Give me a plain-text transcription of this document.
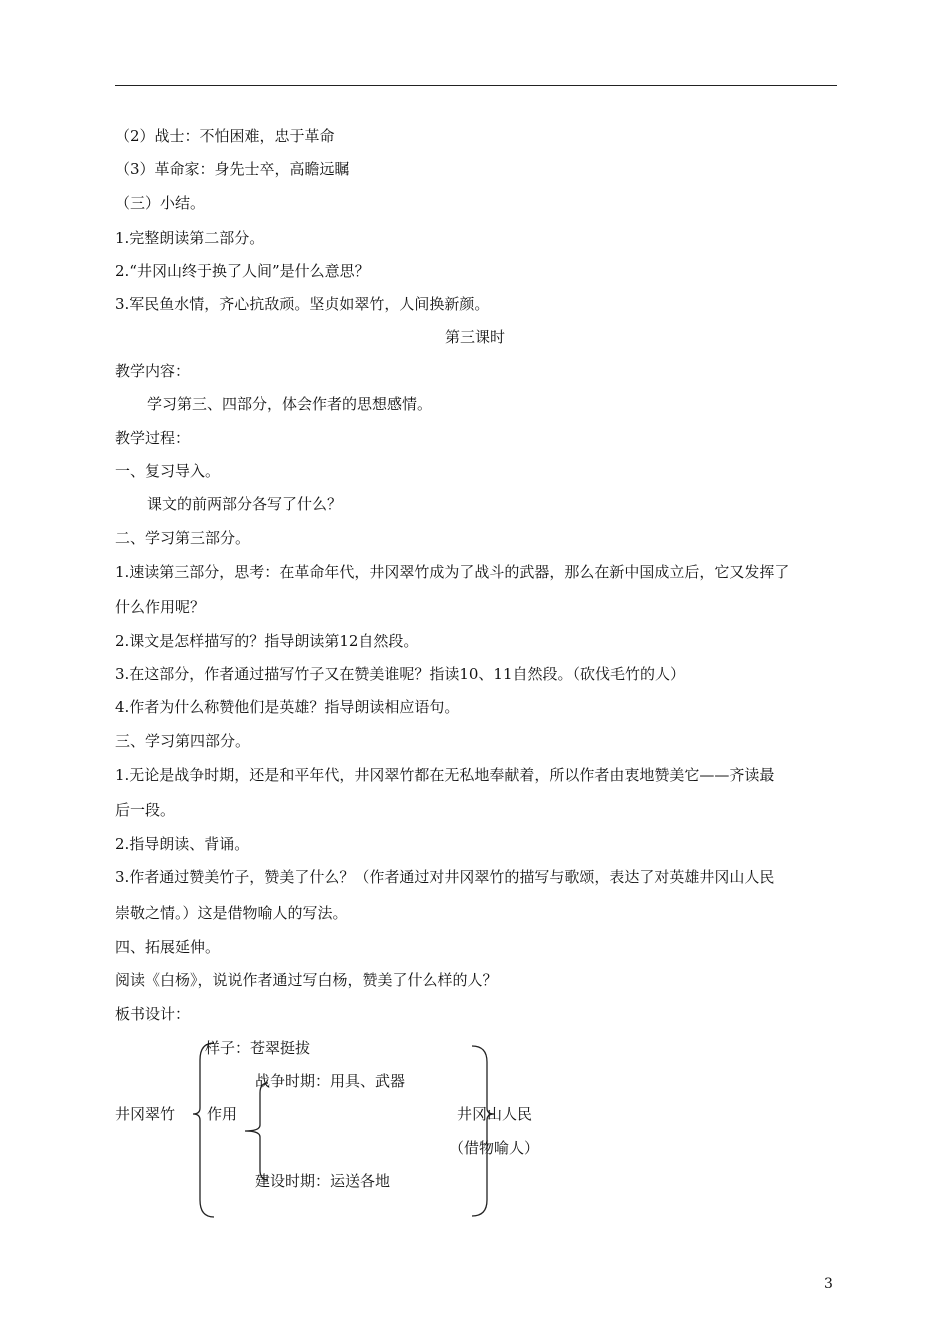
（2）战士：不怕困难，忠于革命
（3）革命家：身先士卒，高瞻远瞩
（三）小结。
1.完整朗读第二部分。
2.“井冈山终于换了人间”是什么意思？
3.军民鱼水情，齐心抗敌顽。坚贞如翠竹，人间换新颜。
第三课时
教学内容：
学习第三、四部分，体会作者的思想感情。
教学过程：
一、复习导入。
课文的前两部分各写了什么？
二、学习第三部分。
1.速读第三部分，思考：在革命年代，井冈翠竹成为了战斗的武器，那么在新中国成立后，它又发挥了
什么作用呢？
2.课文是怎样描写的？指导朗读第12自然段。
3.在这部分，作者通过描写竹子又在赞美谁呢？指读10、11自然段。（砍伐毛竹的人）
4.作者为什么称赞他们是英雄？指导朗读相应语句。
三、学习第四部分。
1.无论是战争时期，还是和平年代，井冈翠竹都在无私地奉献着，所以作者由衷地赞美它——齐读最
后一段。
2.指导朗读、背诵。
3.作者通过赞美竹子，赞美了什么？（作者通过对井冈翠竹的描写与歌颂，表达了对英雄井冈山人民
崇敬之情。）这是借物喻人的写法。
四、拓展延伸。
阅读《白杨》，说说作者通过写白杨，赞美了什么样的人？
板书设计：
样子：苍翠挺拔
战争时期：用具、武器
井冈翠竹 作用	井冈山人民
（借物喻人）
建设时期：运送各地
3
